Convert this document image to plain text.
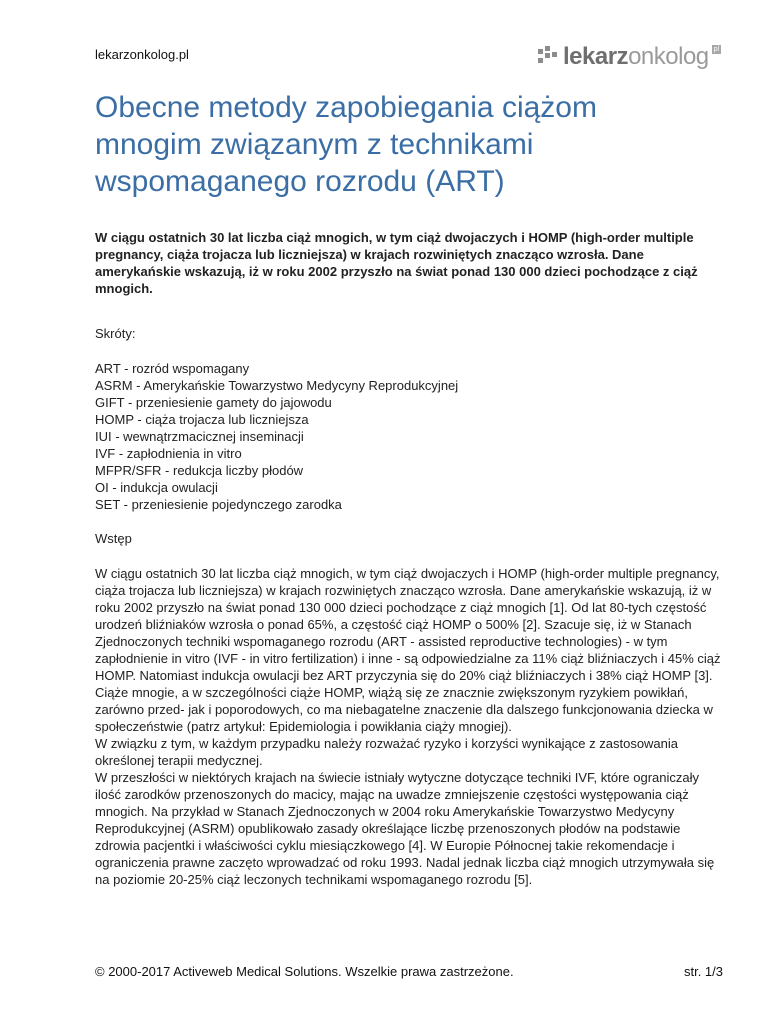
lekarzonkolog.pl	lekarzonkolog pl
Obecne metody zapobiegania ciążom mnogim związanym z technikami wspomaganego rozrodu (ART)

W ciągu ostatnich 30 lat liczba ciąż mnogich, w tym ciąż dwojaczych i HOMP (high-order multiple pregnancy, ciąża trojacza lub liczniejsza) w krajach rozwiniętych znacząco wzrosła. Dane amerykańskie wskazują, iż w roku 2002 przyszło na świat ponad 130 000 dzieci pochodzące z ciąż mnogich.

Skróty:

ART - rozród wspomagany
ASRM - Amerykańskie Towarzystwo Medycyny Reprodukcyjnej
GIFT - przeniesienie gamety do jajowodu
HOMP - ciąża trojacza lub liczniejsza
IUI - wewnątrzmacicznej inseminacji
IVF - zapłodnienia in vitro
MFPR/SFR - redukcja liczby płodów
OI - indukcja owulacji
SET - przeniesienie pojedynczego zarodka

Wstęp

W ciągu ostatnich 30 lat liczba ciąż mnogich, w tym ciąż dwojaczych i HOMP (high-order multiple pregnancy, ciąża trojacza lub liczniejsza) w krajach rozwiniętych znacząco wzrosła. Dane amerykańskie wskazują, iż w roku 2002 przyszło na świat ponad 130 000 dzieci pochodzące z ciąż mnogich [1]. Od lat 80-tych częstość urodzeń bliźniaków wzrosła o ponad 65%, a częstość ciąż HOMP o 500% [2]. Szacuje się, iż w Stanach Zjednoczonych techniki wspomaganego rozrodu (ART - assisted reproductive technologies) - w tym zapłodnienie in vitro (IVF - in vitro fertilization) i inne - są odpowiedzialne za 11% ciąż bliźniaczych i 45% ciąż HOMP. Natomiast indukcja owulacji bez ART przyczynia się do 20% ciąż bliźniaczych i 38% ciąż HOMP [3].

Ciąże mnogie, a w szczególności ciąże HOMP, wiążą się ze znacznie zwiększonym ryzykiem powikłań, zarówno przed- jak i poporodowych, co ma niebagatelne znaczenie dla dalszego funkcjonowania dziecka w społeczeństwie (patrz artykuł: Epidemiologia i powikłania ciąży mnogiej).

W związku z tym, w każdym przypadku należy rozważać ryzyko i korzyści wynikające z zastosowania określonej terapii medycznej.

W przeszłości w niektórych krajach na świecie istniały wytyczne dotyczące techniki IVF, które ograniczały ilość zarodków przenoszonych do macicy, mając na uwadze zmniejszenie częstości występowania ciąż mnogich. Na przykład w Stanach Zjednoczonych w 2004 roku Amerykańskie Towarzystwo Medycyny Reprodukcyjnej (ASRM) opublikowało zasady określające liczbę przenoszonych płodów na podstawie zdrowia pacjentki i właściwości cyklu miesiączkowego [4]. W Europie Północnej takie rekomendacje i ograniczenia prawne zaczęto wprowadzać od roku 1993. Nadal jednak liczba ciąż mnogich utrzymywała się na poziomie 20-25% ciąż leczonych technikami wspomaganego rozrodu [5].

© 2000-2017 Activeweb Medical Solutions. Wszelkie prawa zastrzeżone.	str. 1/3
